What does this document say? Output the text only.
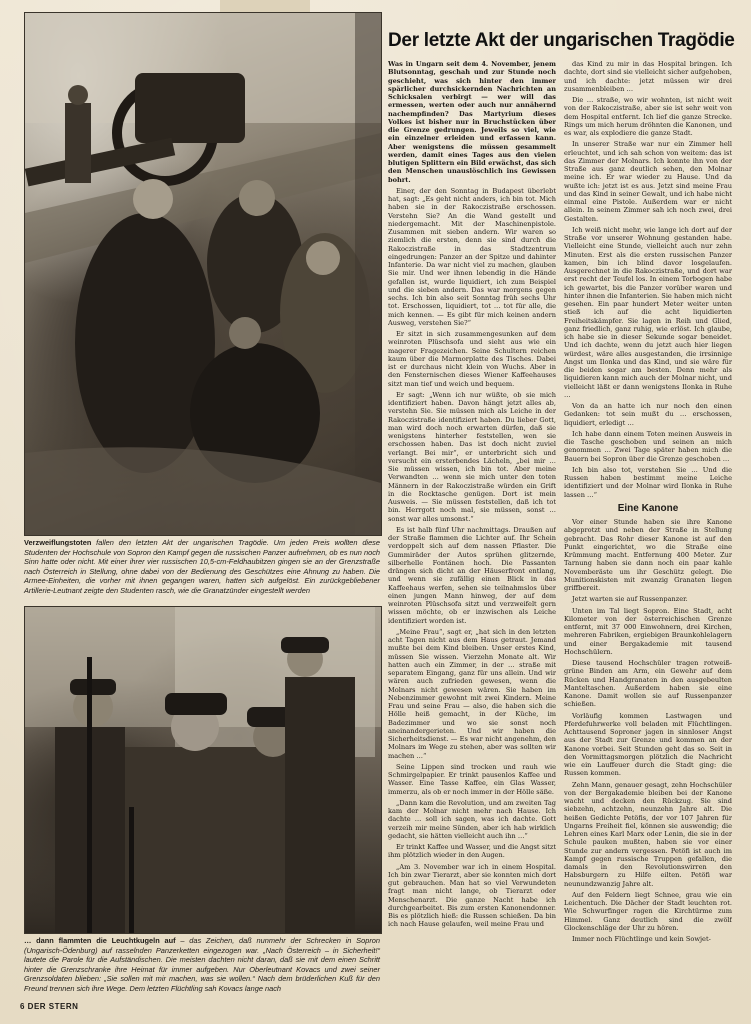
Verzweiflungstoten fallen den letzten Akt der ungarischen Tragödie. Um jeden Preis wollten diese Studenten der Hochschule von Sopron den Kampf gegen die russischen Panzer aufnehmen, ob es nun noch Sinn hatte oder nicht. Mit einer ihrer vier russischen 10,5-cm-Feldhaubitzen gingen sie an der Grenzstraße nach Österreich in Stellung, ohne dabei von der Bedienung des Geschützes eine Ahnung zu haben. Die Armee-Einheiten, die vorher mit ihnen gegangen waren, hatten sich aufgelöst. Ein zurückgebliebener Artillerie-Leutnant zeigte den Studenten rasch, wie die Granatzünder eingestellt werden
… dann flammten die Leuchtkugeln auf – das Zeichen, daß nunmehr der Schrecken in Sopron (Ungarisch-Ödenburg) auf rasselnden Panzerketten eingezogen war. „Nach Österreich – in Sicherheit!“ lautete die Parole für die Aufständischen. Die meisten dachten nicht daran, daß sie mit dem einen Schritt hinter die Grenzschranke ihre Heimat für immer aufgeben. Nur Oberleutnant Kovacs und zwei seiner Grenzsoldaten blieben: „Sie sollen mit mir machen, was sie wollen.“ Nach dem brüderlichen Kuß für den Freund trennen sich ihre Wege. Dem letzten Flüchtling sah Kovacs lange nach
Der letzte Akt der ungarischen Tragödie

Was in Ungarn seit dem 4. November, jenem Blutsonntag, geschah und zur Stunde noch geschieht, was sich hinter den immer spärlicher durchsickernden Nachrichten an Schicksalen verbirgt — wer will das ermessen, werten oder auch nur annähernd nachempfinden? Das Martyrium dieses Volkes ist bisher nur in Bruchstücken über die Grenze gedrungen. Jeweils so viel, wie ein einzelner erleiden und erfassen kann. Aber wenigstens die müssen gesammelt werden, damit eines Tages aus den vielen blutigen Splittern ein Bild erwächst, das sich den Menschen unauslöschlich ins Gewissen bohrt.

Einer, der den Sonntag in Budapest überlebt hat, sagt: „Es geht nicht anders, ich bin tot. Mich haben sie in der Rakoczistraße erschossen. Verstehn Sie? An die Wand gestellt und niedergemacht. Mit der Maschinenpistole. Zusammen mit sieben andern. Wir waren so ziemlich die ersten, denn sie sind durch die Rakoczistraße in das Stadtzentrum eingedrungen: Panzer an der Spitze und dahinter Infanterie. Da war nicht viel zu machen, glauben Sie mir. Und wer ihnen lebendig in die Hände gefallen ist, wurde liquidiert, ich zum Beispiel und die sieben andern. Das war morgens gegen sechs. Ich bin also seit Sonntag früh sechs Uhr tot. Erschossen, liquidiert, tot … tot für alle, die mich kennen. — Es gibt für mich keinen andern Ausweg, verstehen Sie?“

Er sitzt in sich zusammengesunken auf dem weinroten Plüschsofa und sieht aus wie ein magerer Fragezeichen. Seine Schultern reichen kaum über die Marmorplatte des Tisches. Dabei ist er durchaus nicht klein von Wuchs. Aber in den Fensternischen dieses Wiener Kaffeehauses sitzt man tief und weich und bequem.

Er sagt: „Wenn ich nur wüßte, ob sie mich identifiziert haben. Davon hängt jetzt alles ab, verstehn Sie. Sie müssen mich als Leiche in der Rakoczistraße identifiziert haben. Du lieber Gott, man wird doch noch erwarten dürfen, daß sie wenigstens hinterher feststellen, wen sie erschossen haben. Das ist doch nicht zuviel verlangt. Bei mir“, er unterbricht sich und versucht ein ersterbendes Lächeln, „bei mir … Sie müssen wissen, ich bin tot. Aber meine Verwandten … wenn sie mich unter den toten Männern in der Rakoczistraße würden ein Grift in die Rocktasche genügen. Dort ist mein Ausweis. — Sie müssen feststellen, daß ich tot bin. Herrgott noch mal, sie müssen, sonst … sonst war alles umsonst.“

Es ist halb fünf Uhr nachmittags. Draußen auf der Straße flammen die Lichter auf. Ihr Schein verdoppelt sich auf dem nassen Pflaster. Die Gummiräder der Autos sprühen glitzernde, silberhelle Fontänen hoch. Die Passanten drängen sich dicht an der Häuserfront entlang, und wenn sie zufällig einen Blick in das Kaffeehaus werfen, sehen sie teilnahmslos über einen jungen Mann hinweg, der auf dem weinroten Plüschsofa sitzt und verzweifelt gern wissen möchte, ob er inzwischen als Leiche identifiziert worden ist.

„Meine Frau“, sagt er, „hat sich in den letzten acht Tagen nicht aus dem Haus getraut. Jemand mußte bei dem Kind bleiben. Unser erstes Kind, müssen Sie wissen. Vierzehn Monate alt. Wir hatten auch ein Zimmer, in der … straße mit separatem Eingang, ganz für uns allein. Und wir wären auch zufrieden gewesen, wenn die Molnars nicht gewesen wären. Sie haben im Nebenzimmer gewohnt mit zwei Kindern. Meine Frau und seine Frau — also, die haben sich die Hölle heiß gemacht, in der Küche, im Badezimmer und wo sie sonst noch aneinandergerieten. Und wir haben die Sicherheitsdienst. — Es war nicht angenehm, den Molnars im Wege zu stehen, aber was sollten wir machen …“

Seine Lippen sind trocken und rauh wie Schmirgelpapier. Er trinkt pausenlos Kaffee und Wasser. Eine Tasse Kaffee, ein Glas Wasser, immerzu, als ob er noch immer in der Hölle säße.

„Dann kam die Revolution, und am zweiten Tag kam der Molnar nicht mehr nach Hause. Ich dachte … soll ich sagen, was ich dachte. Gott verzeih mir meine Sünden, aber ich hab wirklich gedacht, sie hätten vielleicht auch ihn …“

Er trinkt Kaffee und Wasser, und die Angst sitzt ihm plötzlich wieder in den Augen.

„Am 3. November war ich in einem Hospital. Ich bin zwar Tierarzt, aber sie konnten mich dort gut gebrauchen. Man hat so viel Verwundeten fragt man nicht lange, ob Tierarzt oder Menschenarzt. Die ganze Nacht habe ich durchgearbeitet. Bis zum ersten Kanonendonner. Bis es plötzlich hieß: die Russen schießen. Da bin ich nach Hause gelaufen, weil meine Frau und

das Kind zu mir in das Hospital bringen. Ich dachte, dort sind sie vielleicht sicher aufgehoben, und ich dachte: jetzt müssen wir drei zusammenbleiben …

Die … straße, wo wir wohnten, ist nicht weit von der Rakoczistraße, aber sie ist sehr weit von dem Hospital entfernt. Ich lief die ganze Strecke. Rings um mich herum dröhnten die Kanonen, und es war, als explodiere die ganze Stadt.

In unserer Straße war nur ein Zimmer hell erleuchtet, und ich sah schon von weitem: das ist das Zimmer der Molnars. Ich konnte ihn von der Straße aus ganz deutlich sehen, den Molnar meine ich. Er war wieder zu Hause. Und da wußte ich: jetzt ist es aus. Jetzt sind meine Frau und das Kind in seiner Gewalt, und ich habe nicht einmal eine Pistole. Außerdem war er nicht allein. In seinem Zimmer sah ich noch zwei, drei Gestalten.

Ich weiß nicht mehr, wie lange ich dort auf der Straße vor unserer Wohnung gestanden habe. Vielleicht eine Stunde, vielleicht auch nur zehn Minuten. Erst als die ersten russischen Panzer kamen, bin ich blind davor losgelaufen. Ausgerechnet in die Rakoczistraße, und dort war erst recht der Teufel los. In einem Torbogen habe ich gewartet, bis die Panzer vorüber waren und hinter ihnen die Infanterien. Sie haben mich nicht gesehen. Ein paar hundert Meter weiter unten stieß ich auf die acht liquidierten Freiheitskämpfer. Sie lagen in Reih und Glied, ganz friedlich, ganz ruhig, wie erlöst. Ich glaube, ich habe sie in dieser Sekunde sogar beneidet. Und ich dachte, wenn du jetzt auch hier liegen würdest, wäre alles ausgestanden, die irrsinnige Angst um Ilonka und das Kind, und sie wäre für die beiden sogar am besten. Denn mehr als liquidieren kann mich auch der Molnar nicht, und vielleicht läßt er dann wenigstens Ilonka in Ruhe …

Von da an hatte ich nur noch den einen Gedanken: tot sein mußt du … erschossen, liquidiert, erledigt …

Ich habe dann einem Toten meinen Ausweis in die Tasche geschoben und seinen an mich genommen … Zwei Tage später haben mich die Bauern bei Sopron über die Grenze geschoben …

Ich bin also tot, verstehen Sie … Und die Russen haben bestimmt meine Leiche identifiziert und der Molnar wird Ilonka in Ruhe lassen …“

Eine Kanone

Vor einer Stunde haben sie ihre Kanone abgeprotzt und neben der Straße in Stellung gebracht. Das Rohr dieser Kanone ist auf den Punkt eingerichtet, wo die Straße eine Krümmung macht. Entfernung 400 Meter. Zur Tarnung haben sie dann noch ein paar kahle Novemberäste um ihr Geschütz gelegt. Die Munitionskisten mit zwanzig Granaten liegen griffbereit.

Jetzt warten sie auf Russenpanzer.

Unten im Tal liegt Sopron. Eine Stadt, acht Kilometer von der österreichischen Grenze entfernt, mit 37 000 Einwohnern, drei Kirchen, mehreren Fabriken, ergiebigen Braunkohlelagern und einer Bergakademie mit tausend Hochschülern.

Diese tausend Hochschüler tragen rotweiß-grüne Binden am Arm, ein Gewehr auf dem Rücken und Handgranaten in den ausgebeulten Manteltaschen. Außerdem haben sie eine Kanone. Damit wollen sie auf Russenpanzer schießen.

Vorläufig kommen Lastwagen und Pferdefuhrwerke voll beladen mit Flüchtlingen. Achttausend Soproner jagen in sinnloser Angst aus der Stadt zur Grenze und kommen an der Kanone vorbei. Seit Stunden geht das so. Seit in den Vormittagsmorgen plötzlich die Nachricht wie ein Lauffeuer durch die Stadt ging: die Russen kommen.

Zehn Mann, genauer gesagt, zehn Hochschüler von der Bergakademie bleiben bei der Kanone wacht und decken den Rückzug. Sie sind siebzehn, achtzehn, neunzehn Jahre alt. Die heißen Gedichte Petöfis, der vor 107 Jahren für Ungarns Freiheit fiel, können sie auswendig; die Lehren eines Karl Marx oder Lenin, die sie in der Schule pauken mußten, haben sie vor einer Stunde zur andern vergessen. Petöfi ist auch im Kampf gegen russische Truppen gefallen, die damals in den Revolutionswirren den Habsburgern zu Hilfe eilten. Petöfi war neunundzwanzig Jahre alt.

Auf den Feldern liegt Schnee, grau wie ein Leichentuch. Die Dächer der Stadt leuchten rot. Wie Schwurfinger ragen die Kirchtürme zum Himmel. Ganz deutlich sind die zwölf Glockenschläge der Uhr zu hören.

Immer noch Flüchtlinge und kein Sowjet-

6 DER STERN
